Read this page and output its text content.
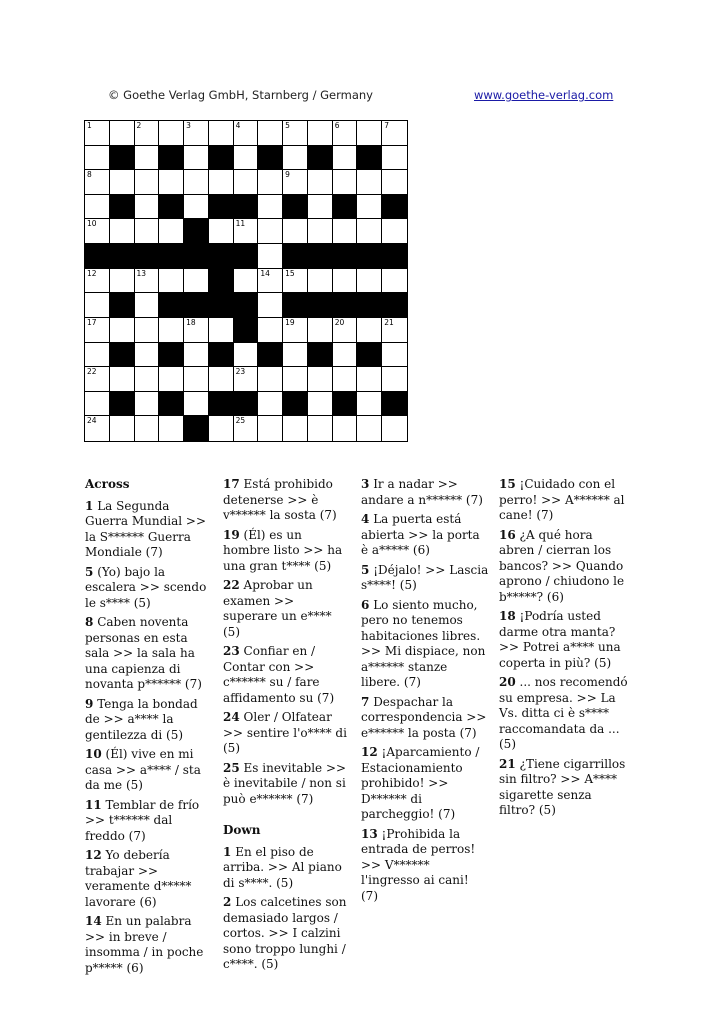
© Goethe Verlag GmbH, Starnberg / Germany	www.goethe-verlag.com
1	2	3	4	5	6	7
8	9
10	11
12	13	14 15
16
17	18	19	20	21
22	23
24	25
Across
1 La Segunda Guerra Mundial >> la S****** Guerra Mondiale (7)
5 (Yo) bajo la escalera >> scendo le s**** (5)
8 Caben noventa personas en esta sala >> la sala ha una capienza di novanta p****** (7)
9 Tenga la bondad de >> a**** la gentilezza di (5)
10 (Él) vive en mi casa >> a**** / sta da me (5)
11 Temblar de frío >> t****** dal freddo (7)
12 Yo debería trabajar >> veramente d***** lavorare (6)
14 En un palabra >> in breve / insomma / in poche p***** (6)
17 Está prohibido detenerse >> è v****** la sosta (7)
19 (Él) es un hombre listo >> ha una gran t**** (5)
22 Aprobar un examen >> superare un e**** (5)
23 Confiar en / Contar con >> c****** su / fare affidamento su (7)
24 Oler / Olfatear >> sentire l'o**** di (5)
25 Es inevitable >> è inevitabile / non si può e****** (7)
Down
1 En el piso de arriba. >> Al piano di s****. (5)
2 Los calcetines son demasiado largos / cortos. >> I calzini sono troppo lunghi / c****. (5)
3 Ir a nadar >> andare a n****** (7)
4 La puerta está abierta >> la porta è a***** (6)
5 ¡Déjalo! >> Lascia s****! (5)
6 Lo siento mucho, pero no tenemos habitaciones libres. >> Mi dispiace, non a****** stanze libere. (7)
7 Despachar la correspondencia >> e****** la posta (7)
12 ¡Aparcamiento / Estacionamiento prohibido! >> D****** di parcheggio! (7)
13 ¡Prohibida la entrada de perros! >> V****** l'ingresso ai cani! (7)
15 ¡Cuidado con el perro! >> A****** al cane! (7)
16 ¿A qué hora abren / cierran los bancos? >> Quando aprono / chiudono le b*****? (6)
18 ¡Podría usted darme otra manta? >> Potrei a**** una coperta in più? (5)
20 ... nos recomendó su empresa. >> La Vs. ditta ci è s**** raccomandata da ... (5)
21 ¿Tiene cigarrillos sin filtro? >> A**** sigarette senza filtro? (5)
